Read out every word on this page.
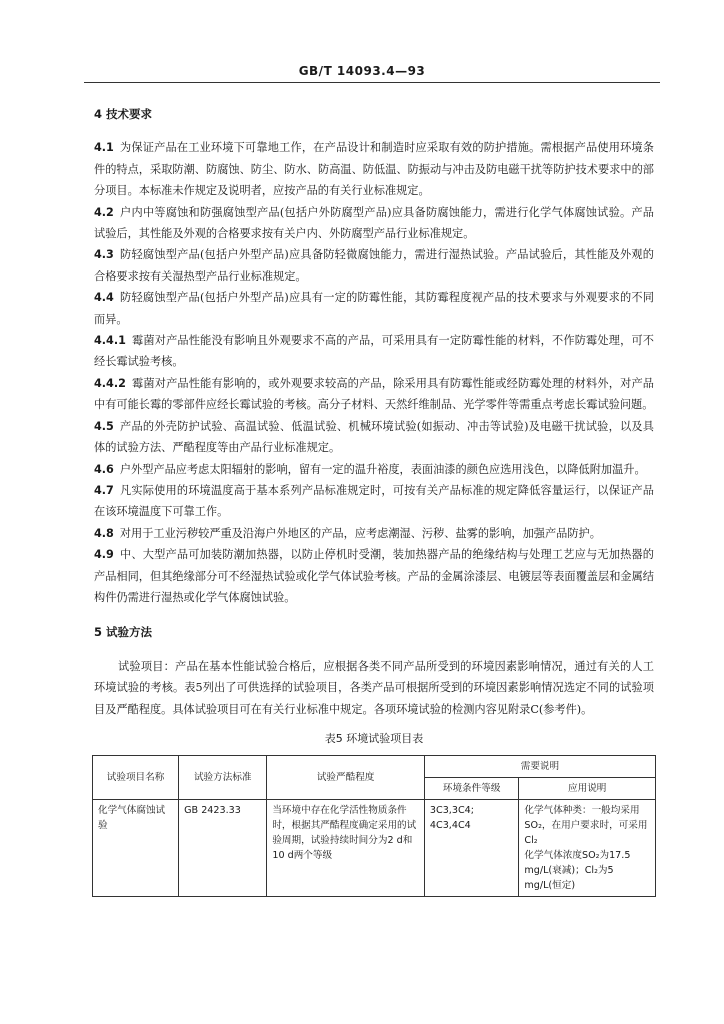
GB/T 14093.4—93
4 技术要求

4.1 为保证产品在工业环境下可靠地工作，在产品设计和制造时应采取有效的防护措施。需根据产品使用环境条件的特点，采取防潮、防腐蚀、防尘、防水、防高温、防低温、防振动与冲击及防电磁干扰等防护技术要求中的部分项目。本标准未作规定及说明者，应按产品的有关行业标准规定。

4.2 户内中等腐蚀和防强腐蚀型产品(包括户外防腐型产品)应具备防腐蚀能力，需进行化学气体腐蚀试验。产品试验后，其性能及外观的合格要求按有关户内、外防腐型产品行业标准规定。

4.3 防轻腐蚀型产品(包括户外型产品)应具备防轻微腐蚀能力，需进行湿热试验。产品试验后，其性能及外观的合格要求按有关湿热型产品行业标准规定。

4.4 防轻腐蚀型产品(包括户外型产品)应具有一定的防霉性能，其防霉程度视产品的技术要求与外观要求的不同而异。

4.4.1 霉菌对产品性能没有影响且外观要求不高的产品，可采用具有一定防霉性能的材料，不作防霉处理，可不经长霉试验考核。

4.4.2 霉菌对产品性能有影响的，或外观要求较高的产品，除采用具有防霉性能或经防霉处理的材料外，对产品中有可能长霉的零部件应经长霉试验的考核。高分子材料、天然纤维制品、光学零件等需重点考虑长霉试验问题。

4.5 产品的外壳防护试验、高温试验、低温试验、机械环境试验(如振动、冲击等试验)及电磁干扰试验，以及具体的试验方法、严酷程度等由产品行业标准规定。

4.6 户外型产品应考虑太阳辐射的影响，留有一定的温升裕度，表面油漆的颜色应选用浅色，以降低附加温升。

4.7 凡实际使用的环境温度高于基本系列产品标准规定时，可按有关产品标准的规定降低容量运行，以保证产品在该环境温度下可靠工作。

4.8 对用于工业污秽较严重及沿海户外地区的产品，应考虑潮湿、污秽、盐雾的影响，加强产品防护。

4.9 中、大型产品可加装防潮加热器，以防止停机时受潮，装加热器产品的绝缘结构与处理工艺应与无加热器的产品相同，但其绝缘部分可不经湿热试验或化学气体试验考核。产品的金属涂漆层、电镀层等表面覆盖层和金属结构件仍需进行湿热或化学气体腐蚀试验。

5 试验方法

试验项目：产品在基本性能试验合格后，应根据各类不同产品所受到的环境因素影响情况，通过有关的人工环境试验的考核。表5列出了可供选择的试验项目，各类产品可根据所受到的环境因素影响情况选定不同的试验项目及严酷程度。具体试验项目可在有关行业标准中规定。各项环境试验的检测内容见附录C(参考件)。

表5 环境试验项目表
试验项目名称	试验方法标准	试验严酷程度	需要说明	
			环境条件等级	应用说明
化学气体腐蚀试验	GB 2423.33	当环境中存在化学活性物质条件时，根据其严酷程度确定采用的试验周期，试验持续时间分为2 d和10 d两个等级	3C3,3C4;
4C3,4C4	化学气体种类：一般均采用SO₂，在用户要求时，可采用Cl₂
化学气体浓度SO₂为17.5 mg/L(衰减)；Cl₂为5 mg/L(恒定)
